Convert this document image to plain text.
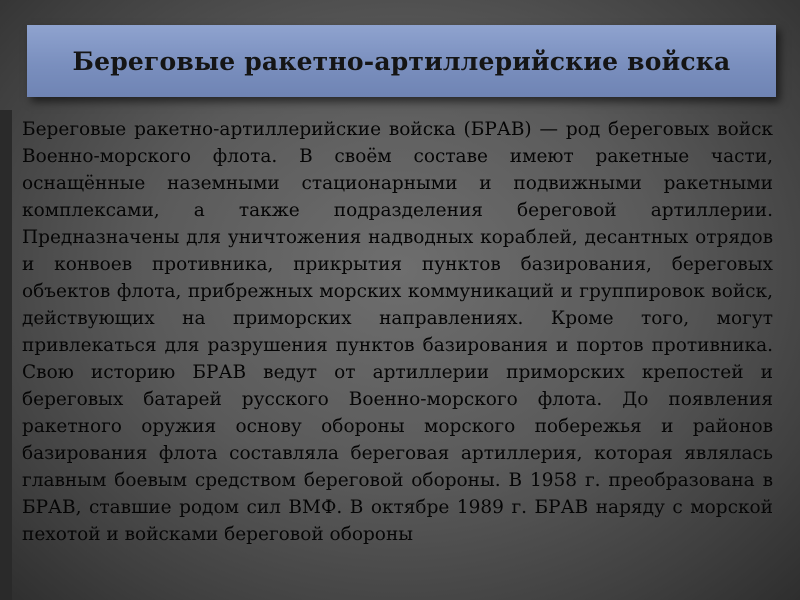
Береговые ракетно-артиллерийские войска

Береговые ракетно-артиллерийские войска (БРАВ) — род береговых войск Военно-морского флота. В своём составе имеют ракетные части, оснащённые наземными стационарными и подвижными ракетными комплексами, а также подразделения береговой артиллерии. Предназначены для уничтожения надводных кораблей, десантных отрядов и конвоев противника, прикрытия пунктов базирования, береговых объектов флота, прибрежных морских коммуникаций и группировок войск, действующих на приморских направлениях. Кроме того, могут привлекаться для разрушения пунктов базирования и портов противника. Свою историю БРАВ ведут от артиллерии приморских крепостей и береговых батарей русского Военно-морского флота. До появления ракетного оружия основу обороны морского побережья и районов базирования флота составляла береговая артиллерия, которая являлась главным боевым средством береговой обороны. В 1958 г. преобразована в БРАВ, ставшие родом сил ВМФ. В октябре 1989 г. БРАВ наряду с морской пехотой и войсками береговой обороны
